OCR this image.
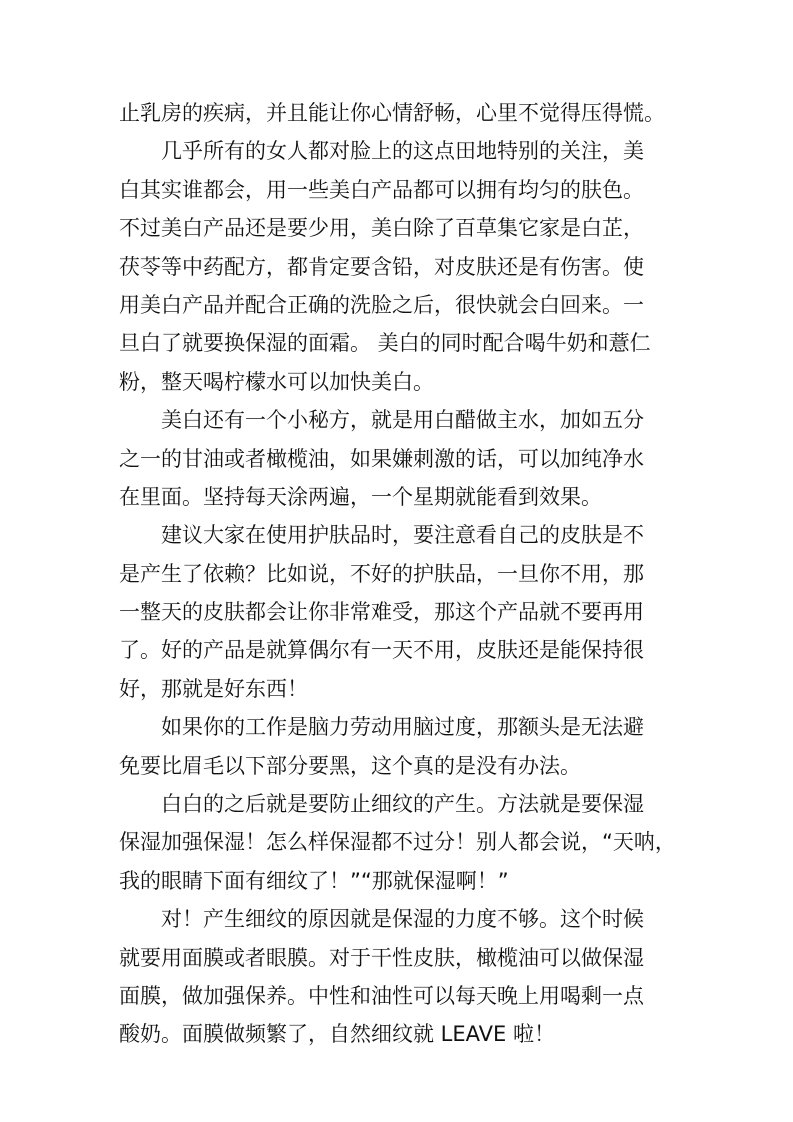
止乳房的疾病，并且能让你心情舒畅，心里不觉得压得慌。
几乎所有的女人都对脸上的这点田地特别的关注，美
白其实谁都会，用一些美白产品都可以拥有均匀的肤色。
不过美白产品还是要少用，美白除了百草集它家是白芷，
茯苓等中药配方，都肯定要含铅，对皮肤还是有伤害。使
用美白产品并配合正确的洗脸之后，很快就会白回来。一
旦白了就要换保湿的面霜。 美白的同时配合喝牛奶和薏仁
粉，整天喝柠檬水可以加快美白。
美白还有一个小秘方，就是用白醋做主水，加如五分
之一的甘油或者橄榄油，如果嫌刺激的话，可以加纯净水
在里面。坚持每天涂两遍，一个星期就能看到效果。
建议大家在使用护肤品时，要注意看自己的皮肤是不
是产生了依赖？比如说，不好的护肤品，一旦你不用，那
一整天的皮肤都会让你非常难受，那这个产品就不要再用
了。好的产品是就算偶尔有一天不用，皮肤还是能保持很
好，那就是好东西！
如果你的工作是脑力劳动用脑过度，那额头是无法避
免要比眉毛以下部分要黑，这个真的是没有办法。
白白的之后就是要防止细纹的产生。方法就是要保湿
保湿加强保湿！怎么样保湿都不过分！别人都会说，“天呐，
我的眼睛下面有细纹了！”“那就保湿啊！”
对！产生细纹的原因就是保湿的力度不够。这个时候
就要用面膜或者眼膜。对于干性皮肤，橄榄油可以做保湿
面膜，做加强保养。中性和油性可以每天晚上用喝剩一点
酸奶。面膜做频繁了，自然细纹就 LEAVE 啦！
